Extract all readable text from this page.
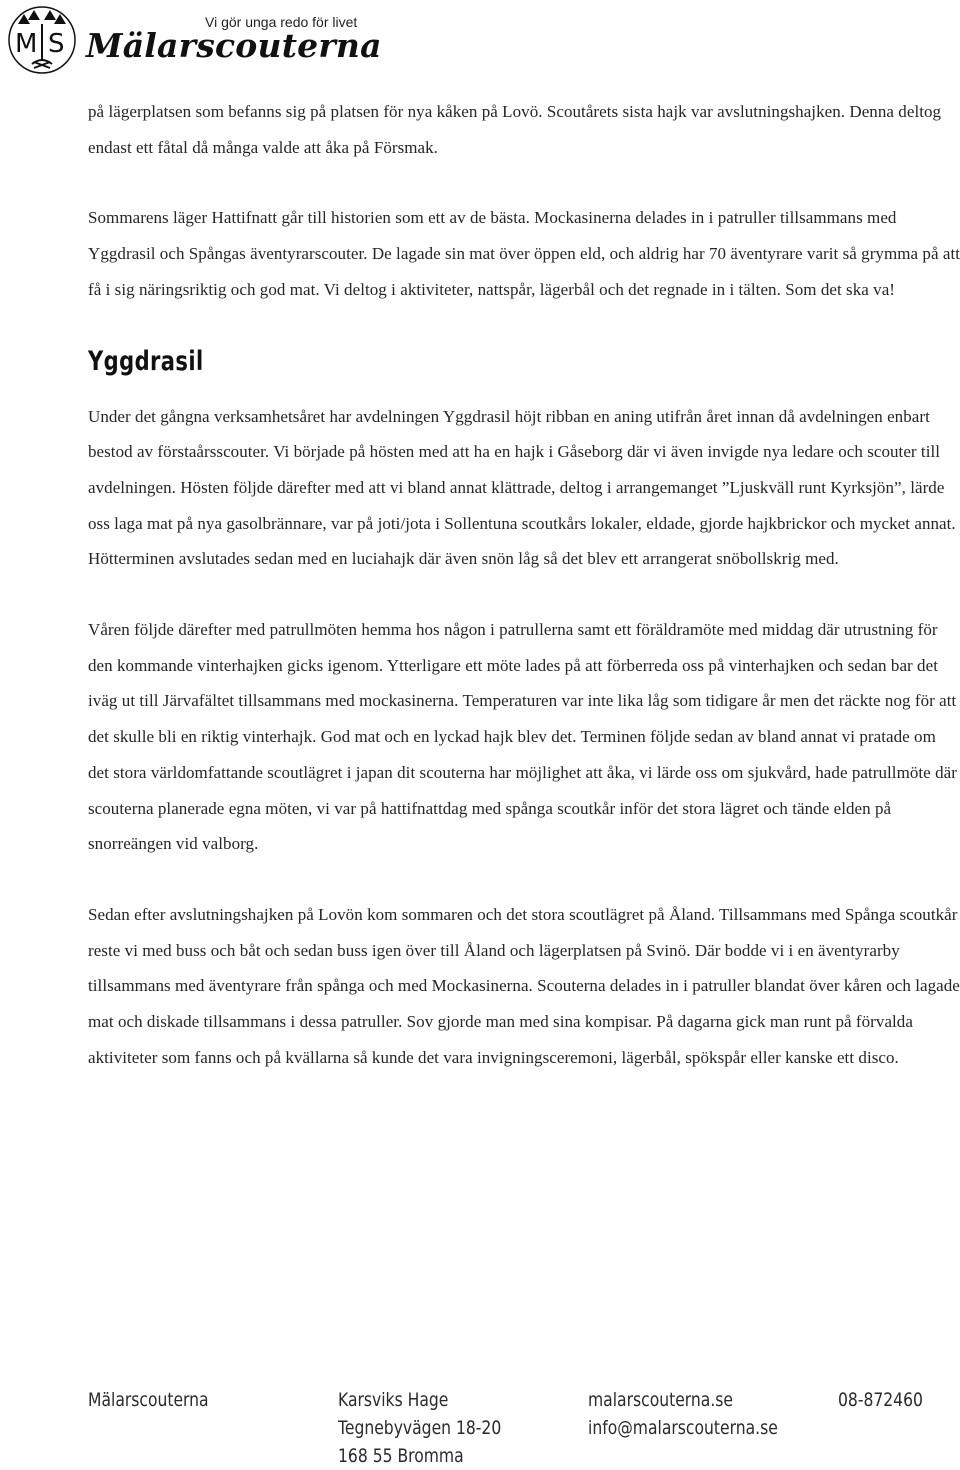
M S
Vi gör unga redo för livet
Mälarscouterna

på lägerplatsen som befanns sig på platsen för nya kåken på Lovö. Scoutårets sista hajk var avslutningshajken. Denna deltog endast ett fåtal då många valde att åka på Försmak.

Sommarens läger Hattifnatt går till historien som ett av de bästa. Mockasinerna delades in i patruller tillsammans med Yggdrasil och Spångas äventyrarscouter. De lagade sin mat över öppen eld, och aldrig har 70 äventyrare varit så grymma på att få i sig näringsriktig och god mat. Vi deltog i aktiviteter, nattspår, lägerbål och det regnade in i tälten. Som det ska va!

Yggdrasil

Under det gångna verksamhetsåret har avdelningen Yggdrasil höjt ribban en aning utifrån året innan då avdelningen enbart bestod av förstaårsscouter. Vi började på hösten med att ha en hajk i Gåseborg där vi även invigde nya ledare och scouter till avdelningen. Hösten följde därefter med att vi bland annat klättrade, deltog i arrangemanget ”Ljuskväll runt Kyrksjön”, lärde oss laga mat på nya gasolbrännare, var på joti/jota i Sollentuna scoutkårs lokaler, eldade, gjorde hajkbrickor och mycket annat. Hötterminen avslutades sedan med en luciahajk där även snön låg så det blev ett arrangerat snöbollskrig med.

Våren följde därefter med patrullmöten hemma hos någon i patrullerna samt ett föräldramöte med middag där utrustning för den kommande vinterhajken gicks igenom. Ytterligare ett möte lades på att förberreda oss på vinterhajken och sedan bar det iväg ut till Järvafältet tillsammans med mockasinerna. Temperaturen var inte lika låg som tidigare år men det räckte nog för att det skulle bli en riktig vinterhajk. God mat och en lyckad hajk blev det. Terminen följde sedan av bland annat vi pratade om det stora världomfattande scoutlägret i japan dit scouterna har möjlighet att åka, vi lärde oss om sjukvård, hade patrullmöte där scouterna planerade egna möten, vi var på hattifnattdag med spånga scoutkår inför det stora lägret och tände elden på snorreängen vid valborg.

Sedan efter avslutningshajken på Lovön kom sommaren och det stora scoutlägret på Åland. Tillsammans med Spånga scoutkår reste vi med buss och båt och sedan buss igen över till Åland och lägerplatsen på Svinö. Där bodde vi i en äventyrarby tillsammans med äventyrare från spånga och med Mockasinerna. Scouterna delades in i patruller blandat över kåren och lagade mat och diskade tillsammans i dessa patruller. Sov gjorde man med sina kompisar. På dagarna gick man runt på förvalda aktiviteter som fanns och på kvällarna så kunde det vara invigningsceremoni, lägerbål, spökspår eller kanske ett disco.

Mälarscouterna	Karsviks Hage
Tegnebyvägen 18-20
168 55 Bromma
malarscouterna.se
info@malarscouterna.se
08-872460
